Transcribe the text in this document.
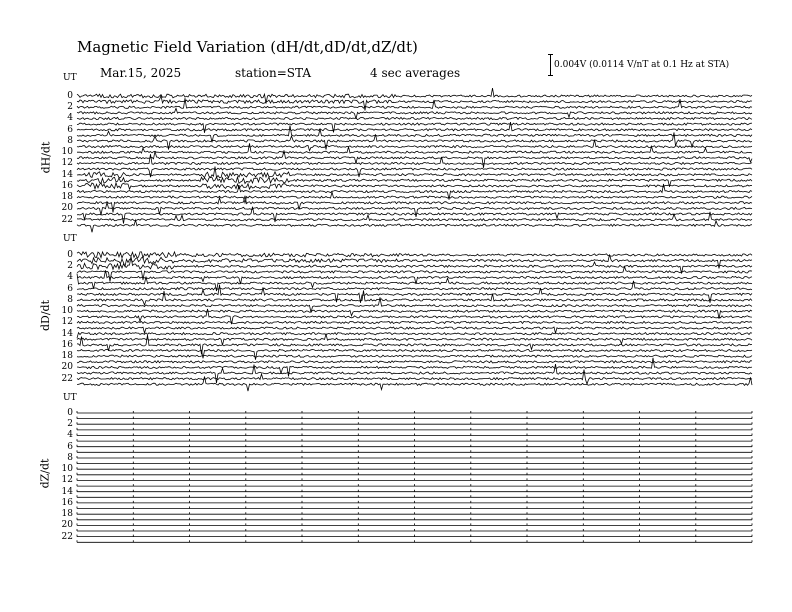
Magnetic Field Variation (dH/dt,dD/dt,dZ/dt)
Mar.15, 2025	station=STA	4 sec averages
0.004V (0.0114 V/nT at 0.1 Hz at STA)
UT
UT
UT
dH/dt
dD/dt
dZ/dt
0
2
4
6
8
10
12
14
16
18
20
22
0
2
4
6
8
10
12
14
16
18
20
22
0
2
4
6
8
10
12
14
16
18
20
22
